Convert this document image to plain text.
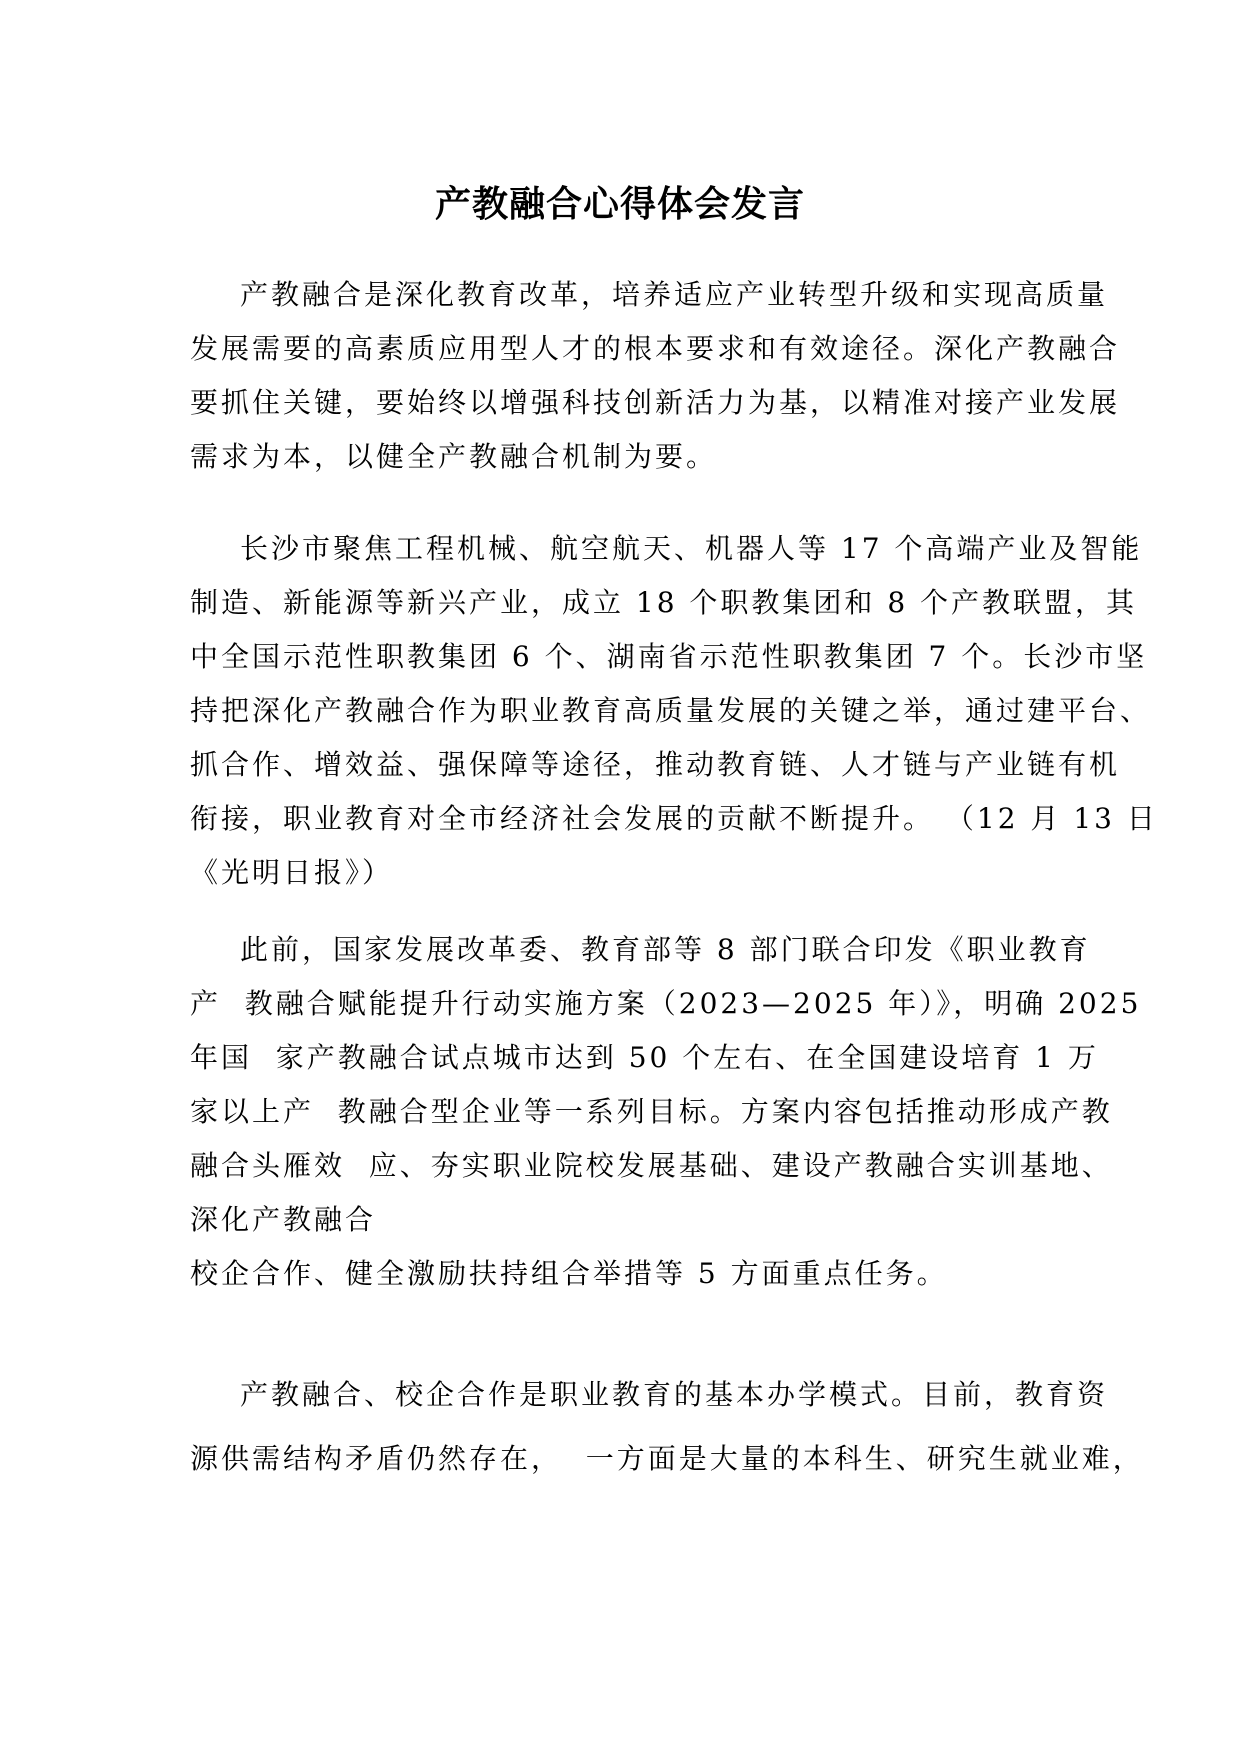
产教融合心得体会发言
产教融合是深化教育改革，培养适应产业转型升级和实现高质量
发展需要的高素质应用型人才的根本要求和有效途径。深化产教融合
要抓住关键，要始终以增强科技创新活力为基，以精准对接产业发展
需求为本，以健全产教融合机制为要。
长沙市聚焦工程机械、航空航天、机器人等 17 个高端产业及智能
制造、新能源等新兴产业，成立 18 个职教集团和 8 个产教联盟，其
中全国示范性职教集团 6 个、湖南省示范性职教集团 7 个。长沙市坚
持把深化产教融合作为职业教育高质量发展的关键之举，通过建平台、
抓合作、增效益、强保障等途径，推动教育链、人才链与产业链有机
衔接，职业教育对全市经济社会发展的贡献不断提升。 （12 月 13 日
《光明日报》）
此前，国家发展改革委、教育部等 8 部门联合印发《职业教育
产  教融合赋能提升行动实施方案（2023—2025 年）》，明确 2025
年国  家产教融合试点城市达到 50 个左右、在全国建设培育 1 万
家以上产  教融合型企业等一系列目标。方案内容包括推动形成产教
融合头雁效  应、夯实职业院校发展基础、建设产教融合实训基地、
深化产教融合
校企合作、健全激励扶持组合举措等 5 方面重点任务。
产教融合、校企合作是职业教育的基本办学模式。目前，教育资
源供需结构矛盾仍然存在，  一方面是大量的本科生、研究生就业难，
